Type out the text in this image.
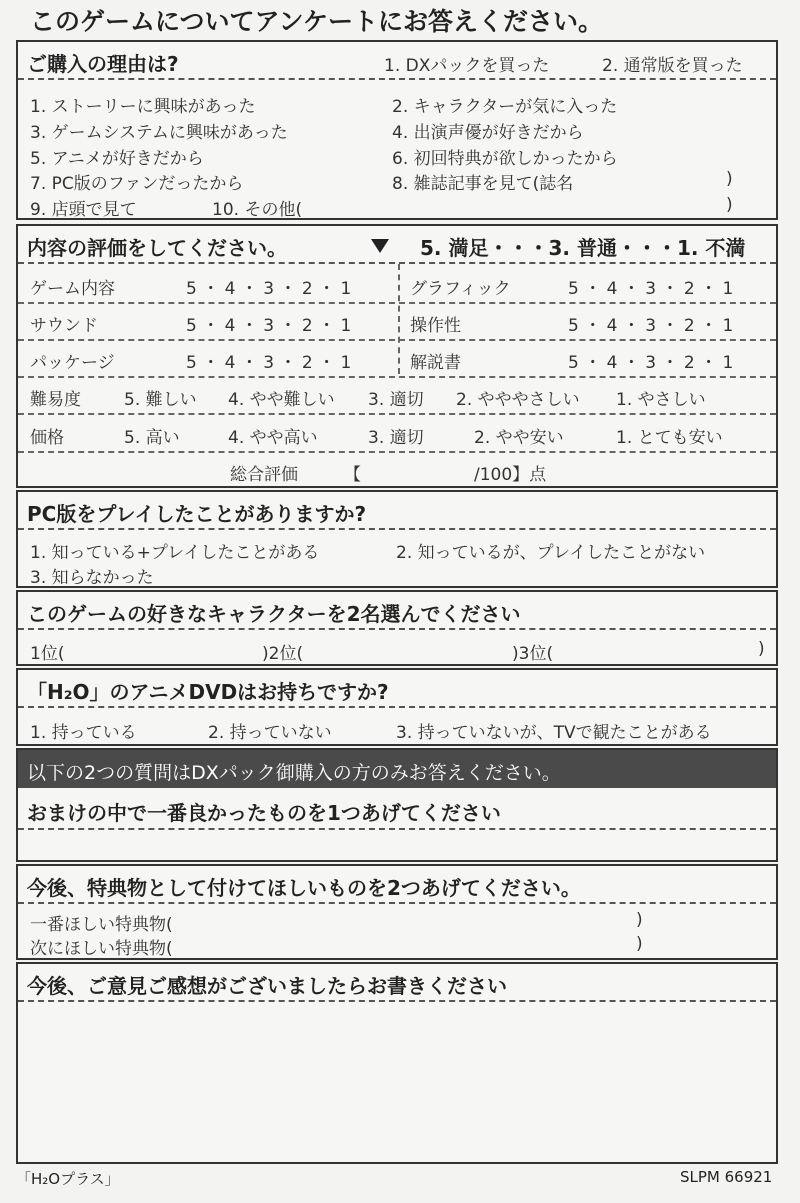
このゲームについてアンケートにお答えください。
ご購入の理由は?	1. DXパックを買った	2. 通常版を買った
1. ストーリーに興味があった	2. キャラクターが気に入った
3. ゲームシステムに興味があった	4. 出演声優が好きだから
5. アニメが好きだから	6. 初回特典が欲しかったから
7. PC版のファンだったから	8. 雑誌記事を見て(誌名	)
9. 店頭で見て	10. その他(	)
内容の評価をしてください。	5. 満足・・・3. 普通・・・1. 不満
ゲーム内容	5 ・ 4 ・ 3 ・ 2 ・ 1	グラフィック	5 ・ 4 ・ 3 ・ 2 ・ 1
サウンド	5 ・ 4 ・ 3 ・ 2 ・ 1	操作性	5 ・ 4 ・ 3 ・ 2 ・ 1
パッケージ	5 ・ 4 ・ 3 ・ 2 ・ 1	解説書	5 ・ 4 ・ 3 ・ 2 ・ 1
難易度	5. 難しい 4. やや難しい 3. 適切 2. やややさしい 1. やさしい
価格	5. 高い	4. やや高い	3. 適切	2. やや安い	1. とても安い
総合評価	【	/100】点
PC版をプレイしたことがありますか?
1. 知っている+プレイしたことがある	2. 知っているが、プレイしたことがない
3. 知らなかった
このゲームの好きなキャラクターを2名選んでください
1位(	)2位(	)3位(	)
「H₂O」のアニメDVDはお持ちですか?
1. 持っている	2. 持っていない	3. 持っていないが、TVで観たことがある
以下の2つの質問はDXパック御購入の方のみお答えください。
おまけの中で一番良かったものを1つあげてください
今後、特典物として付けてほしいものを2つあげてください。
一番ほしい特典物(	)
次にほしい特典物(	)
今後、ご意見ご感想がございましたらお書きください
「H₂Oプラス」	SLPM 66921
